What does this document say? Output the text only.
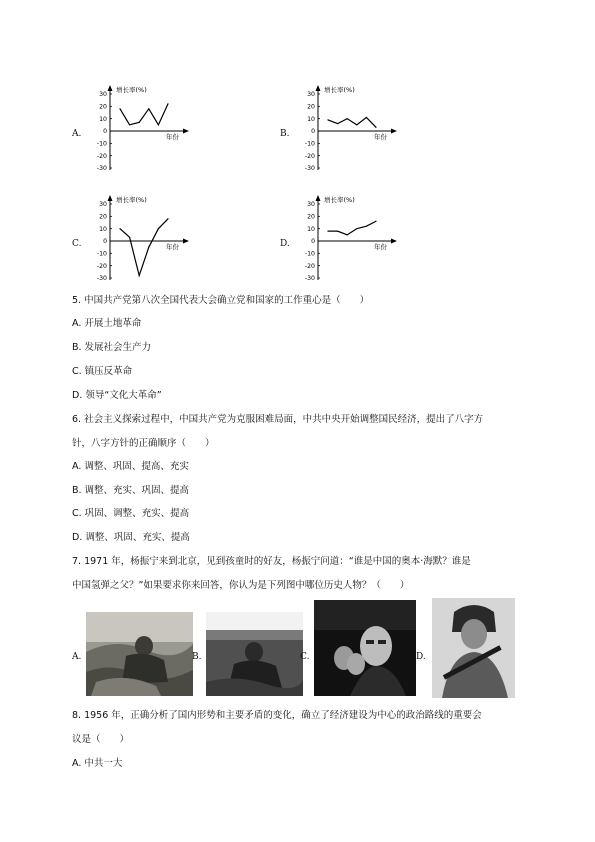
A.
增长率(%)
年份
30
20
10
0
-10
-20
-30
B.
增长率(%)
年份
30
20
10
0
-10
-20
-30
C.
增长率(%)
年份
30
20
10
0
-10
-20
-30
D.
增长率(%)
年份
30
20
10
0
-10
-20
-30
5. 中国共产党第八次全国代表大会确立党和国家的工作重心是（　　）
A. 开展土地革命
B. 发展社会生产力
C. 镇压反革命
D. 领导“文化大革命”
6. 社会主义探索过程中，中国共产党为克服困难局面，中共中央开始调整国民经济，提出了八字方
针，八字方针的正确顺序（　　）
A. 调整、巩固、提高、充实
B. 调整、充实、巩固、提高
C. 巩固、调整、充实、提高
D. 调整、巩固、充实、提高
7. 1971 年，杨振宁来到北京，见到孩童时的好友，杨振宁问道：“谁是中国的奥本·海默？谁是
中国氢弹之父？”如果要求你来回答，你认为是下列图中哪位历史人物？（　　）
A.	B.	C.	D.
8. 1956 年，正确分析了国内形势和主要矛盾的变化，确立了经济建设为中心的政治路线的重要会
议是（　　）
A. 中共一大
